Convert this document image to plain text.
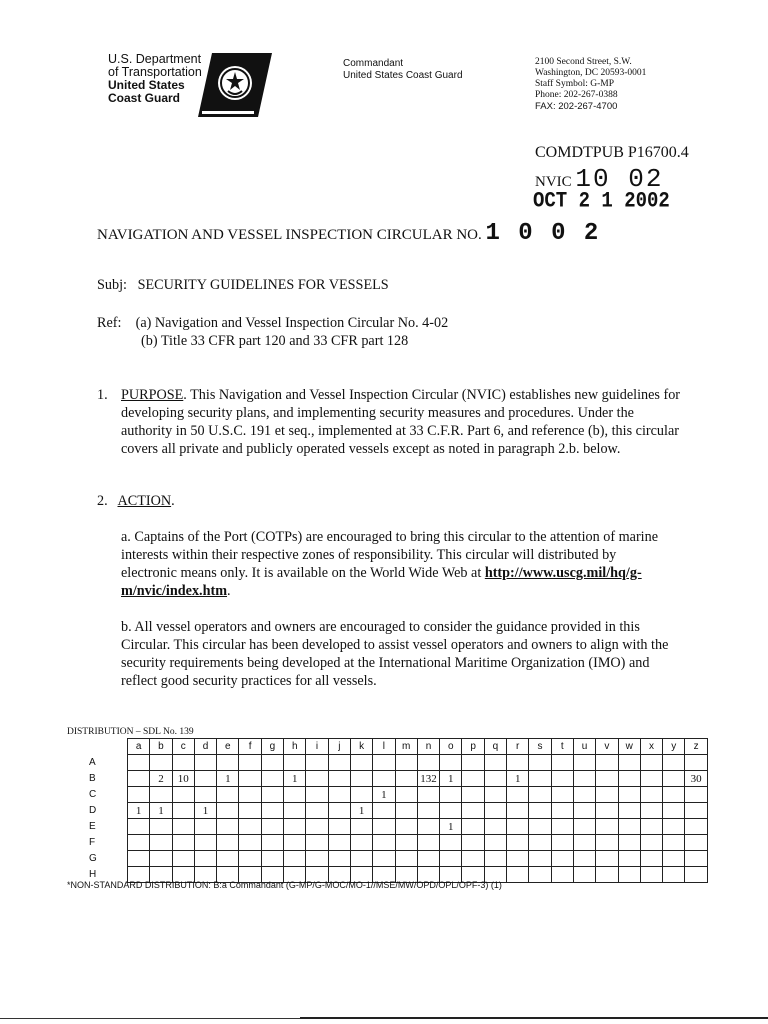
U.S. Department
of Transportation
United States
Coast Guard
Commandant
United States Coast Guard
2100 Second Street, S.W.
Washington, DC 20593-0001
Staff Symbol: G-MP
Phone: 202-267-0388
FAX: 202-267-4700
COMDTPUB P16700.4
NVIC 10 02
OCT 2 1 2002
NAVIGATION AND VESSEL INSPECTION CIRCULAR NO. 1 0 0 2
Subj: SECURITY GUIDELINES FOR VESSELS
Ref: (a) Navigation and Vessel Inspection Circular No. 4-02
(b) Title 33 CFR part 120 and 33 CFR part 128
1. PURPOSE. This Navigation and Vessel Inspection Circular (NVIC) establishes new guidelines for developing security plans, and implementing security measures and procedures. Under the authority in 50 U.S.C. 191 et seq., implemented at 33 C.F.R. Part 6, and reference (b), this circular covers all private and publicly operated vessels except as noted in paragraph 2.b. below.
2. ACTION.
a. Captains of the Port (COTPs) are encouraged to bring this circular to the attention of marine interests within their respective zones of responsibility. This circular will distributed by electronic means only. It is available on the World Wide Web at http://www.uscg.mil/hq/g-m/nvic/index.htm.
b. All vessel operators and owners are encouraged to consider the guidance provided in this Circular. This circular has been developed to assist vessel operators and owners to align with the security requirements being developed at the International Maritime Organization (IMO) and reflect good security practices for all vessels.
DISTRIBUTION – SDL No. 139
	a	b	c	d	e	f	g	h	i	j	k	l	m	n	o	p	q	r	s	t	u	v	w	x	y	z
A																										
B		2	10		1			1						132	1			1								30
C												1														
D	1	1		1							1															
E															1											
F																										
G																										
H																										
*NON-STANDARD DISTRIBUTION: B:a Commandant (G-MP/G-MOC/MO-1//MSE/MW/OPD/OPL/OPF-3) (1)
